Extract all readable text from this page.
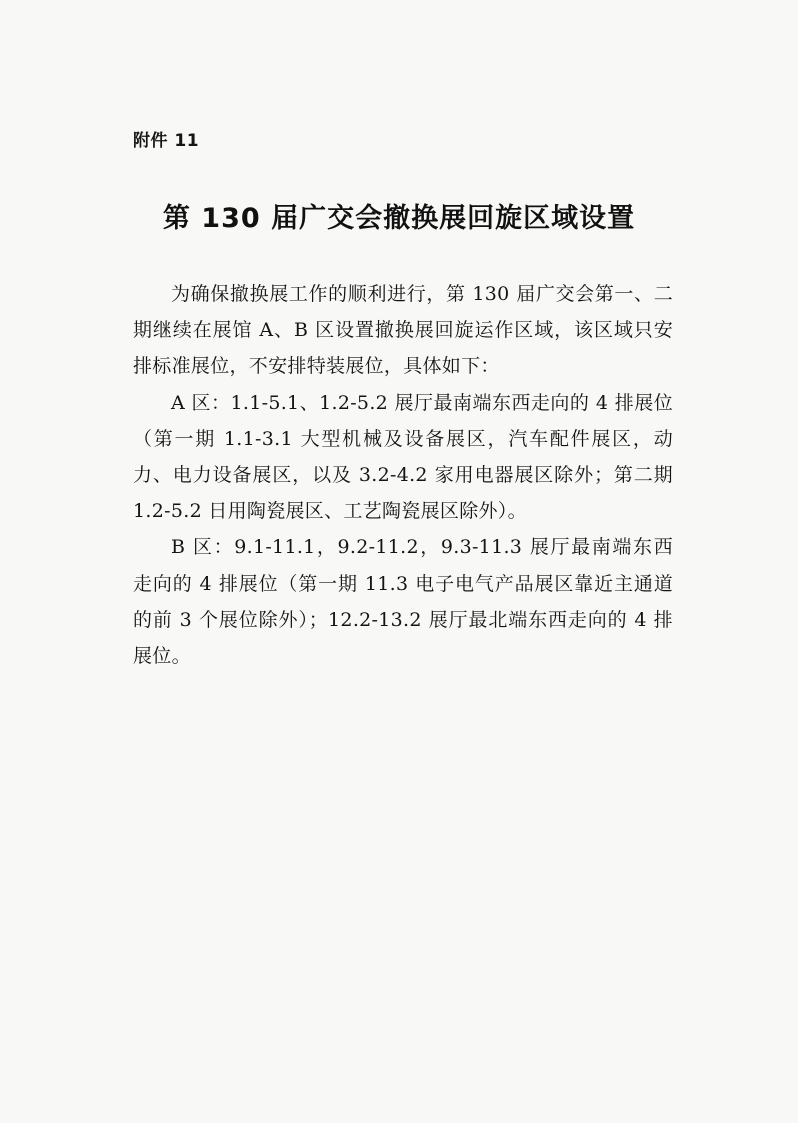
附件 11
第 130 届广交会撤换展回旋区域设置

为确保撤换展工作的顺利进行，第 130 届广交会第一、二期继续在展馆 A、B 区设置撤换展回旋运作区域，该区域只安排标准展位，不安排特装展位，具体如下：

A 区：1.1-5.1、1.2-5.2 展厅最南端东西走向的 4 排展位（第一期 1.1-3.1 大型机械及设备展区，汽车配件展区，动力、电力设备展区，以及 3.2-4.2 家用电器展区除外；第二期 1.2-5.2 日用陶瓷展区、工艺陶瓷展区除外）。

B 区：9.1-11.1，9.2-11.2，9.3-11.3 展厅最南端东西走向的 4 排展位（第一期 11.3 电子电气产品展区靠近主通道的前 3 个展位除外）；12.2-13.2 展厅最北端东西走向的 4 排展位。
